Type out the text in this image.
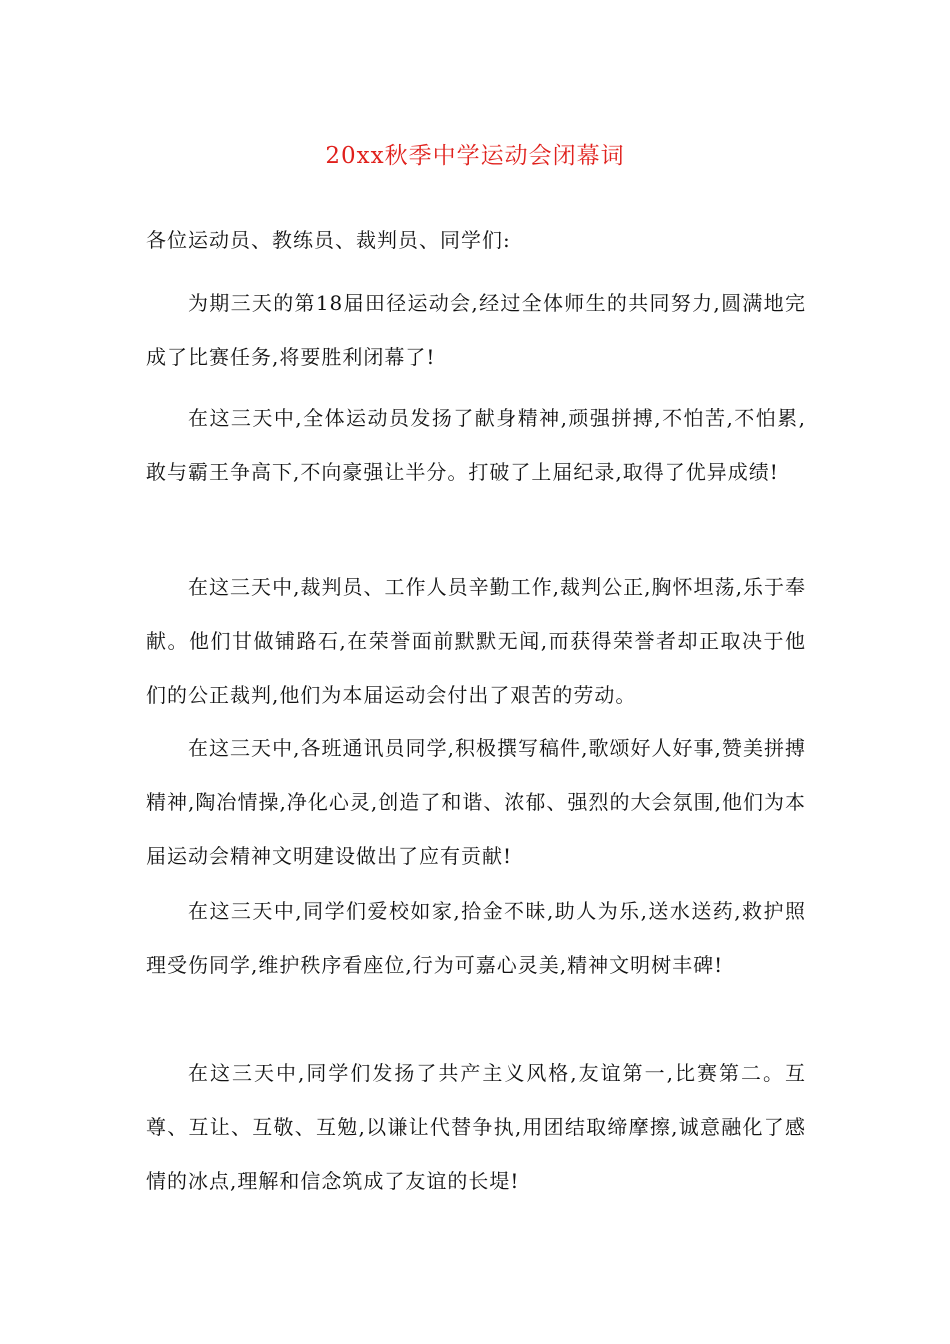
20xx秋季中学运动会闭幕词

各位运动员、教练员、裁判员、同学们:

为期三天的第18届田径运动会,经过全体师生的共同努力,圆满地完成了比赛任务,将要胜利闭幕了!

在这三天中,全体运动员发扬了献身精神,顽强拼搏,不怕苦,不怕累,敢与霸王争高下,不向豪强让半分。打破了上届纪录,取得了优异成绩!

在这三天中,裁判员、工作人员辛勤工作,裁判公正,胸怀坦荡,乐于奉献。他们甘做铺路石,在荣誉面前默默无闻,而获得荣誉者却正取决于他们的公正裁判,他们为本届运动会付出了艰苦的劳动。

在这三天中,各班通讯员同学,积极撰写稿件,歌颂好人好事,赞美拼搏精神,陶冶情操,净化心灵,创造了和谐、浓郁、强烈的大会氛围,他们为本届运动会精神文明建设做出了应有贡献!

在这三天中,同学们爱校如家,拾金不昧,助人为乐,送水送药,救护照理受伤同学,维护秩序看座位,行为可嘉心灵美,精神文明树丰碑!

在这三天中,同学们发扬了共产主义风格,友谊第一,比赛第二。互尊、互让、互敬、互勉,以谦让代替争执,用团结取缔摩擦,诚意融化了感情的冰点,理解和信念筑成了友谊的长堤!
